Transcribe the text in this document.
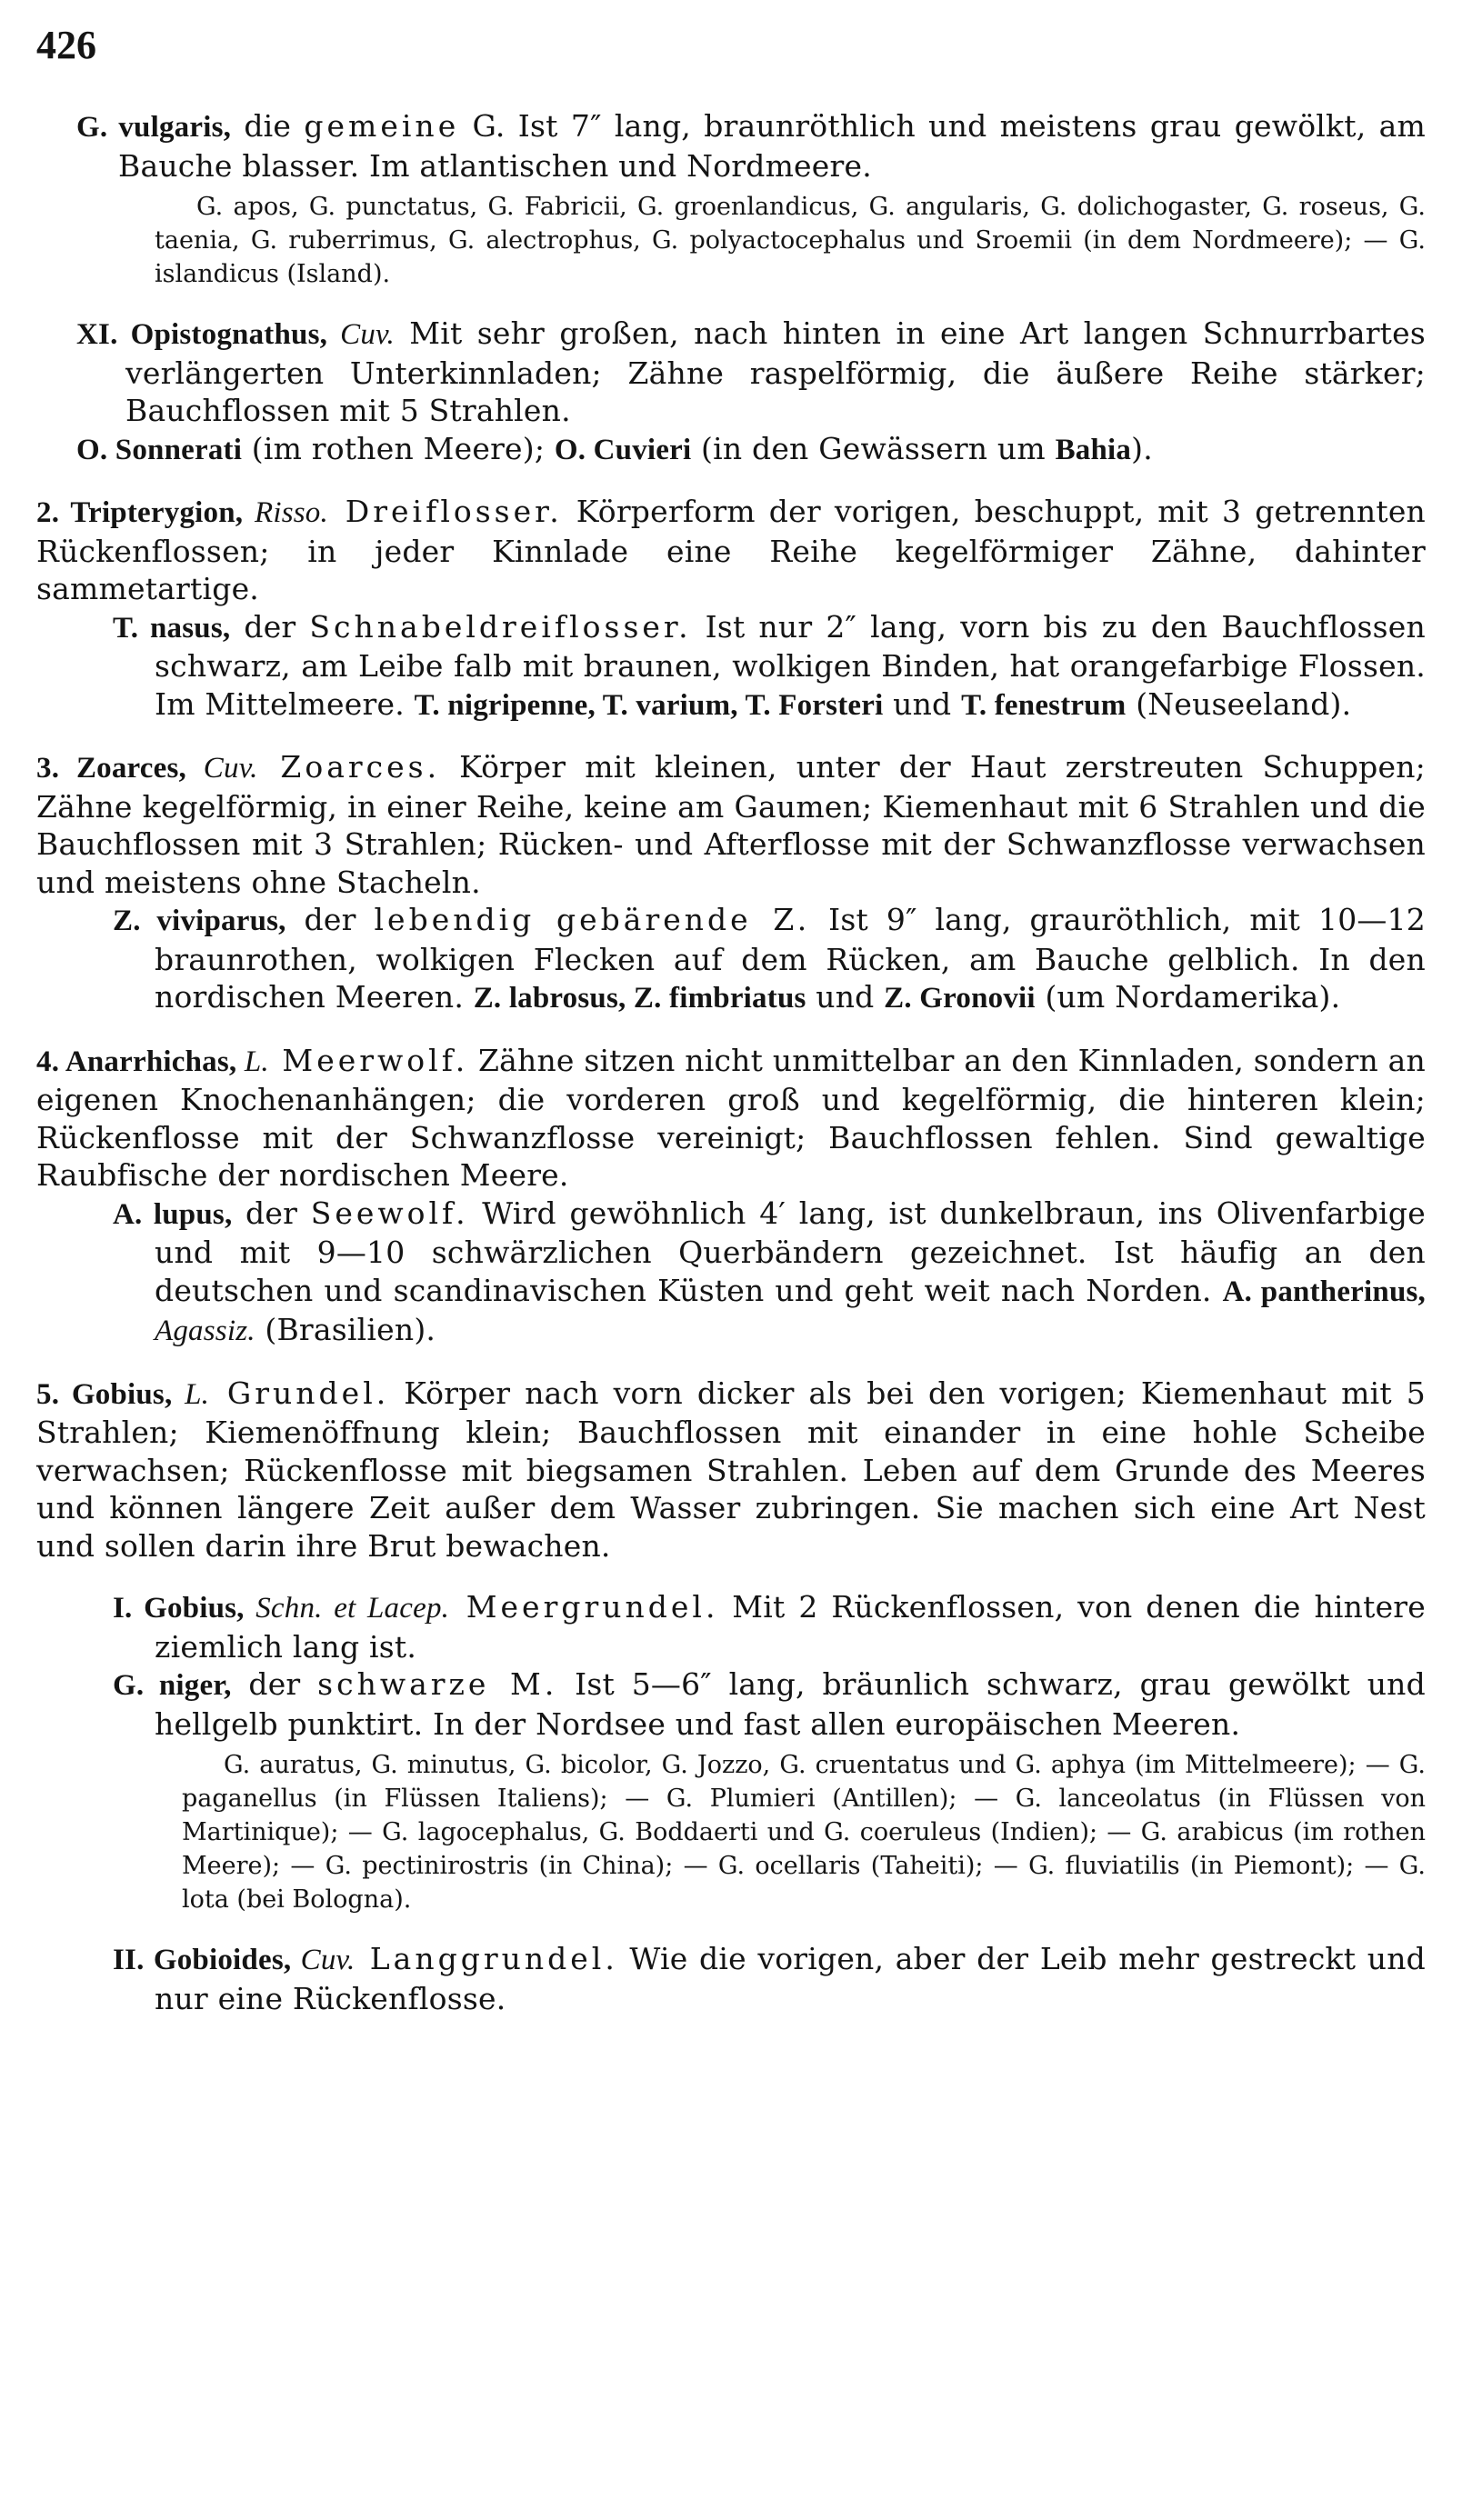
426

G. vulgaris, die gemeine G. Ist 7″ lang, braunröthlich und meistens grau gewölkt, am Bauche blasser. Im atlantischen und Nordmeere.

G. apos, G. punctatus, G. Fabricii, G. groenlandicus, G. angularis, G. dolichogaster, G. roseus, G. taenia, G. ruberrimus, G. alectrophus, G. polyactocephalus und Sroemii (in dem Nordmeere); — G. islandicus (Island).

XI. Opistognathus, Cuv. Mit sehr großen, nach hinten in eine Art langen Schnurrbartes verlängerten Unterkinnladen; Zähne raspelförmig, die äußere Reihe stärker; Bauchflossen mit 5 Strahlen.

O. Sonnerati (im rothen Meere); O. Cuvieri (in den Gewässern um Bahia).

2. Tripterygion, Risso. Dreiflosser. Körperform der vorigen, beschuppt, mit 3 getrennten Rückenflossen; in jeder Kinnlade eine Reihe kegelförmiger Zähne, dahinter sammetartige.

T. nasus, der Schnabeldreiflosser. Ist nur 2″ lang, vorn bis zu den Bauchflossen schwarz, am Leibe falb mit braunen, wolkigen Binden, hat orangefarbige Flossen. Im Mittelmeere. T. nigripenne, T. varium, T. Forsteri und T. fenestrum (Neuseeland).

3. Zoarces, Cuv. Zoarces. Körper mit kleinen, unter der Haut zerstreuten Schuppen; Zähne kegelförmig, in einer Reihe, keine am Gaumen; Kiemenhaut mit 6 Strahlen und die Bauchflossen mit 3 Strahlen; Rücken- und Afterflosse mit der Schwanzflosse verwachsen und meistens ohne Stacheln.

Z. viviparus, der lebendig gebärende Z. Ist 9″ lang, grauröthlich, mit 10—12 braunrothen, wolkigen Flecken auf dem Rücken, am Bauche gelblich. In den nordischen Meeren. Z. labrosus, Z. fimbriatus und Z. Gronovii (um Nordamerika).

4. Anarrhichas, L. Meerwolf. Zähne sitzen nicht unmittelbar an den Kinnladen, sondern an eigenen Knochenanhängen; die vorderen groß und kegelförmig, die hinteren klein; Rückenflosse mit der Schwanzflosse vereinigt; Bauchflossen fehlen. Sind gewaltige Raubfische der nordischen Meere.

A. lupus, der Seewolf. Wird gewöhnlich 4′ lang, ist dunkelbraun, ins Olivenfarbige und mit 9—10 schwärzlichen Querbändern gezeichnet. Ist häufig an den deutschen und scandinavischen Küsten und geht weit nach Norden. A. pantherinus, Agassiz. (Brasilien).

5. Gobius, L. Grundel. Körper nach vorn dicker als bei den vorigen; Kiemenhaut mit 5 Strahlen; Kiemenöffnung klein; Bauchflossen mit einander in eine hohle Scheibe verwachsen; Rückenflosse mit biegsamen Strahlen. Leben auf dem Grunde des Meeres und können längere Zeit außer dem Wasser zubringen. Sie machen sich eine Art Nest und sollen darin ihre Brut bewachen.

I. Gobius, Schn. et Lacep. Meergrundel. Mit 2 Rückenflossen, von denen die hintere ziemlich lang ist.

G. niger, der schwarze M. Ist 5—6″ lang, bräunlich schwarz, grau gewölkt und hellgelb punktirt. In der Nordsee und fast allen europäischen Meeren.

G. auratus, G. minutus, G. bicolor, G. Jozzo, G. cruentatus und G. aphya (im Mittelmeere); — G. paganellus (in Flüssen Italiens); — G. Plumieri (Antillen); — G. lanceolatus (in Flüssen von Martinique); — G. lagocephalus, G. Boddaerti und G. coeruleus (Indien); — G. arabicus (im rothen Meere); — G. pectinirostris (in China); — G. ocellaris (Taheiti); — G. fluviatilis (in Piemont); — G. lota (bei Bologna).

II. Gobioides, Cuv. Langgrundel. Wie die vorigen, aber der Leib mehr gestreckt und nur eine Rückenflosse.
